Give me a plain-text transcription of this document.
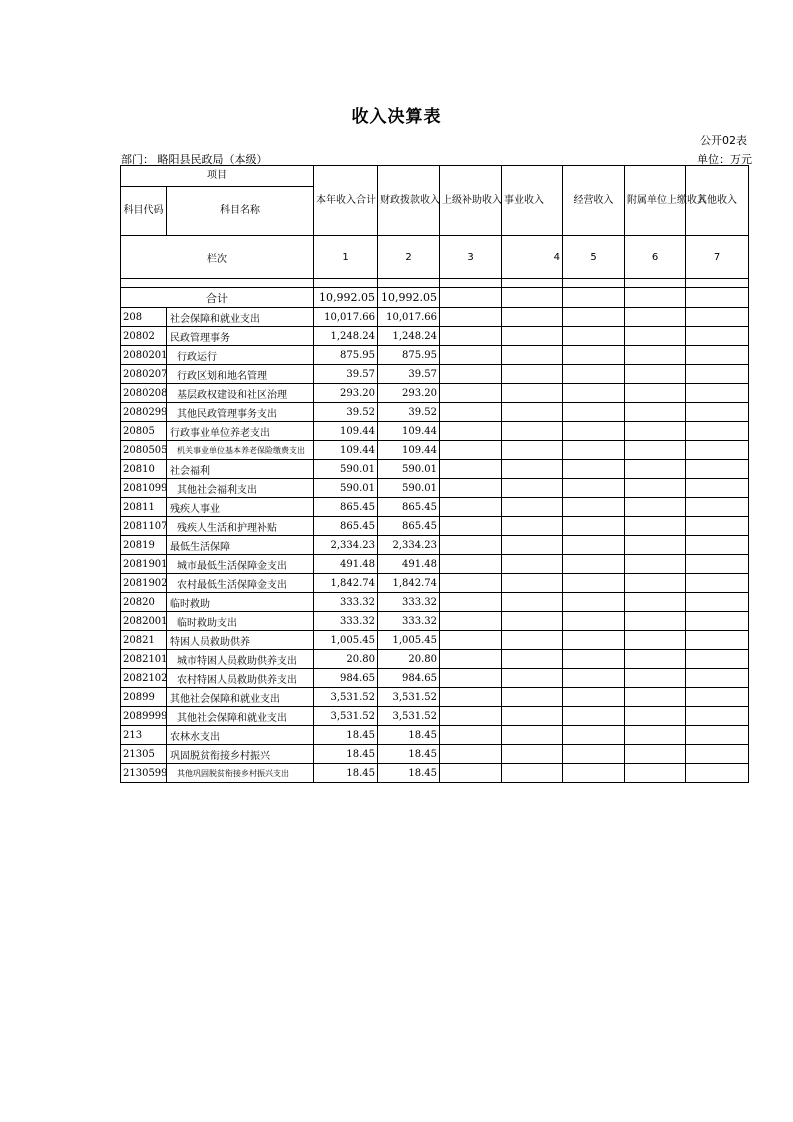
收入决算表
公开02表
部门： 略阳县民政局（本级）	单位：万元
项目		本年收入合计	财政拨款收入	上级补助收入	事业收入	经营收入	附属单位上缴收入	其他收入
科目代码	科目名称							
栏次		1	2	3	4	5	6	7

合计		10,992.05	10,992.05					
208	社会保障和就业支出	10,017.66	10,017.66					
20802	民政管理事务	1,248.24	1,248.24					
2080201	行政运行	875.95	875.95					
2080207	行政区划和地名管理	39.57	39.57					
2080208	基层政权建设和社区治理	293.20	293.20					
2080299	其他民政管理事务支出	39.52	39.52					
20805	行政事业单位养老支出	109.44	109.44					
2080505	机关事业单位基本养老保险缴费支出	109.44	109.44					
20810	社会福利	590.01	590.01					
2081099	其他社会福利支出	590.01	590.01					
20811	残疾人事业	865.45	865.45					
2081107	残疾人生活和护理补贴	865.45	865.45					
20819	最低生活保障	2,334.23	2,334.23					
2081901	城市最低生活保障金支出	491.48	491.48					
2081902	农村最低生活保障金支出	1,842.74	1,842.74					
20820	临时救助	333.32	333.32					
2082001	临时救助支出	333.32	333.32					
20821	特困人员救助供养	1,005.45	1,005.45					
2082101	城市特困人员救助供养支出	20.80	20.80					
2082102	农村特困人员救助供养支出	984.65	984.65					
20899	其他社会保障和就业支出	3,531.52	3,531.52					
2089999	其他社会保障和就业支出	3,531.52	3,531.52					
213	农林水支出	18.45	18.45					
21305	巩固脱贫衔接乡村振兴	18.45	18.45					
2130599	其他巩固脱贫衔接乡村振兴支出	18.45	18.45					
